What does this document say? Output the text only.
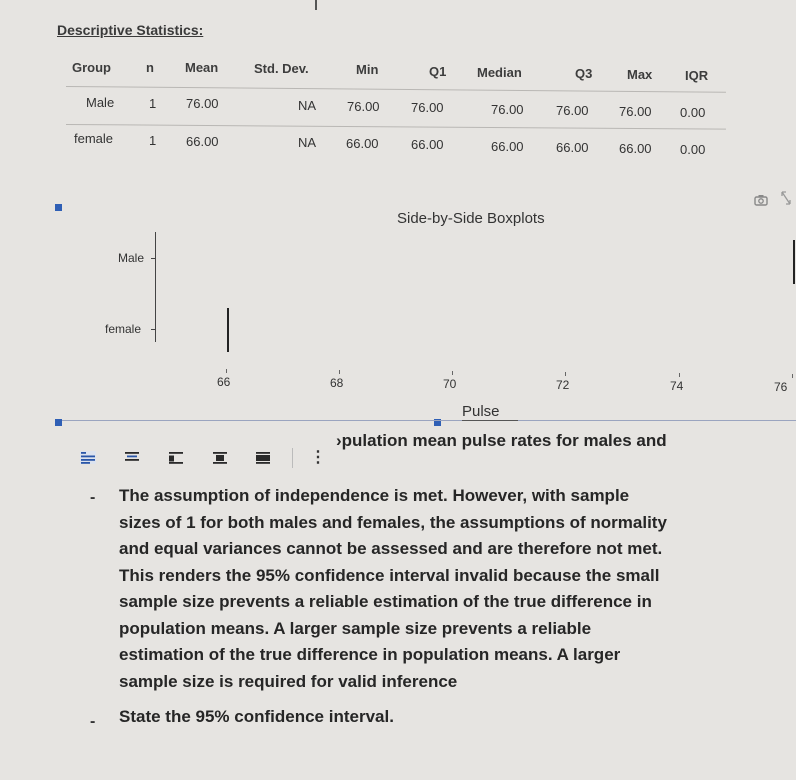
Descriptive Statistics:
Group	n Mean	Std. Dev.	Min	Q1 Median	Q3	Max	IQR
Male	1 76.00	NA 76.00 76.00	76.00 76.00 76.00 0.00
female	1 66.00	NA 66.00 66.00	66.00 66.00 66.00 0.00
Side-by-Side Boxplots
Male
female
66	68	70	72	74	76
Pulse
⋮
›pulation mean pulse rates for males and
- The assumption of independence is met. However, with sample
sizes of 1 for both males and females, the assumptions of normality
and equal variances cannot be assessed and are therefore not met.
This renders the 95% confidence interval invalid because the small
sample size prevents a reliable estimation of the true difference in
population means. A larger sample size prevents a reliable
estimation of the true difference in population means. A larger
sample size is required for valid inference
- State the 95% confidence interval.
